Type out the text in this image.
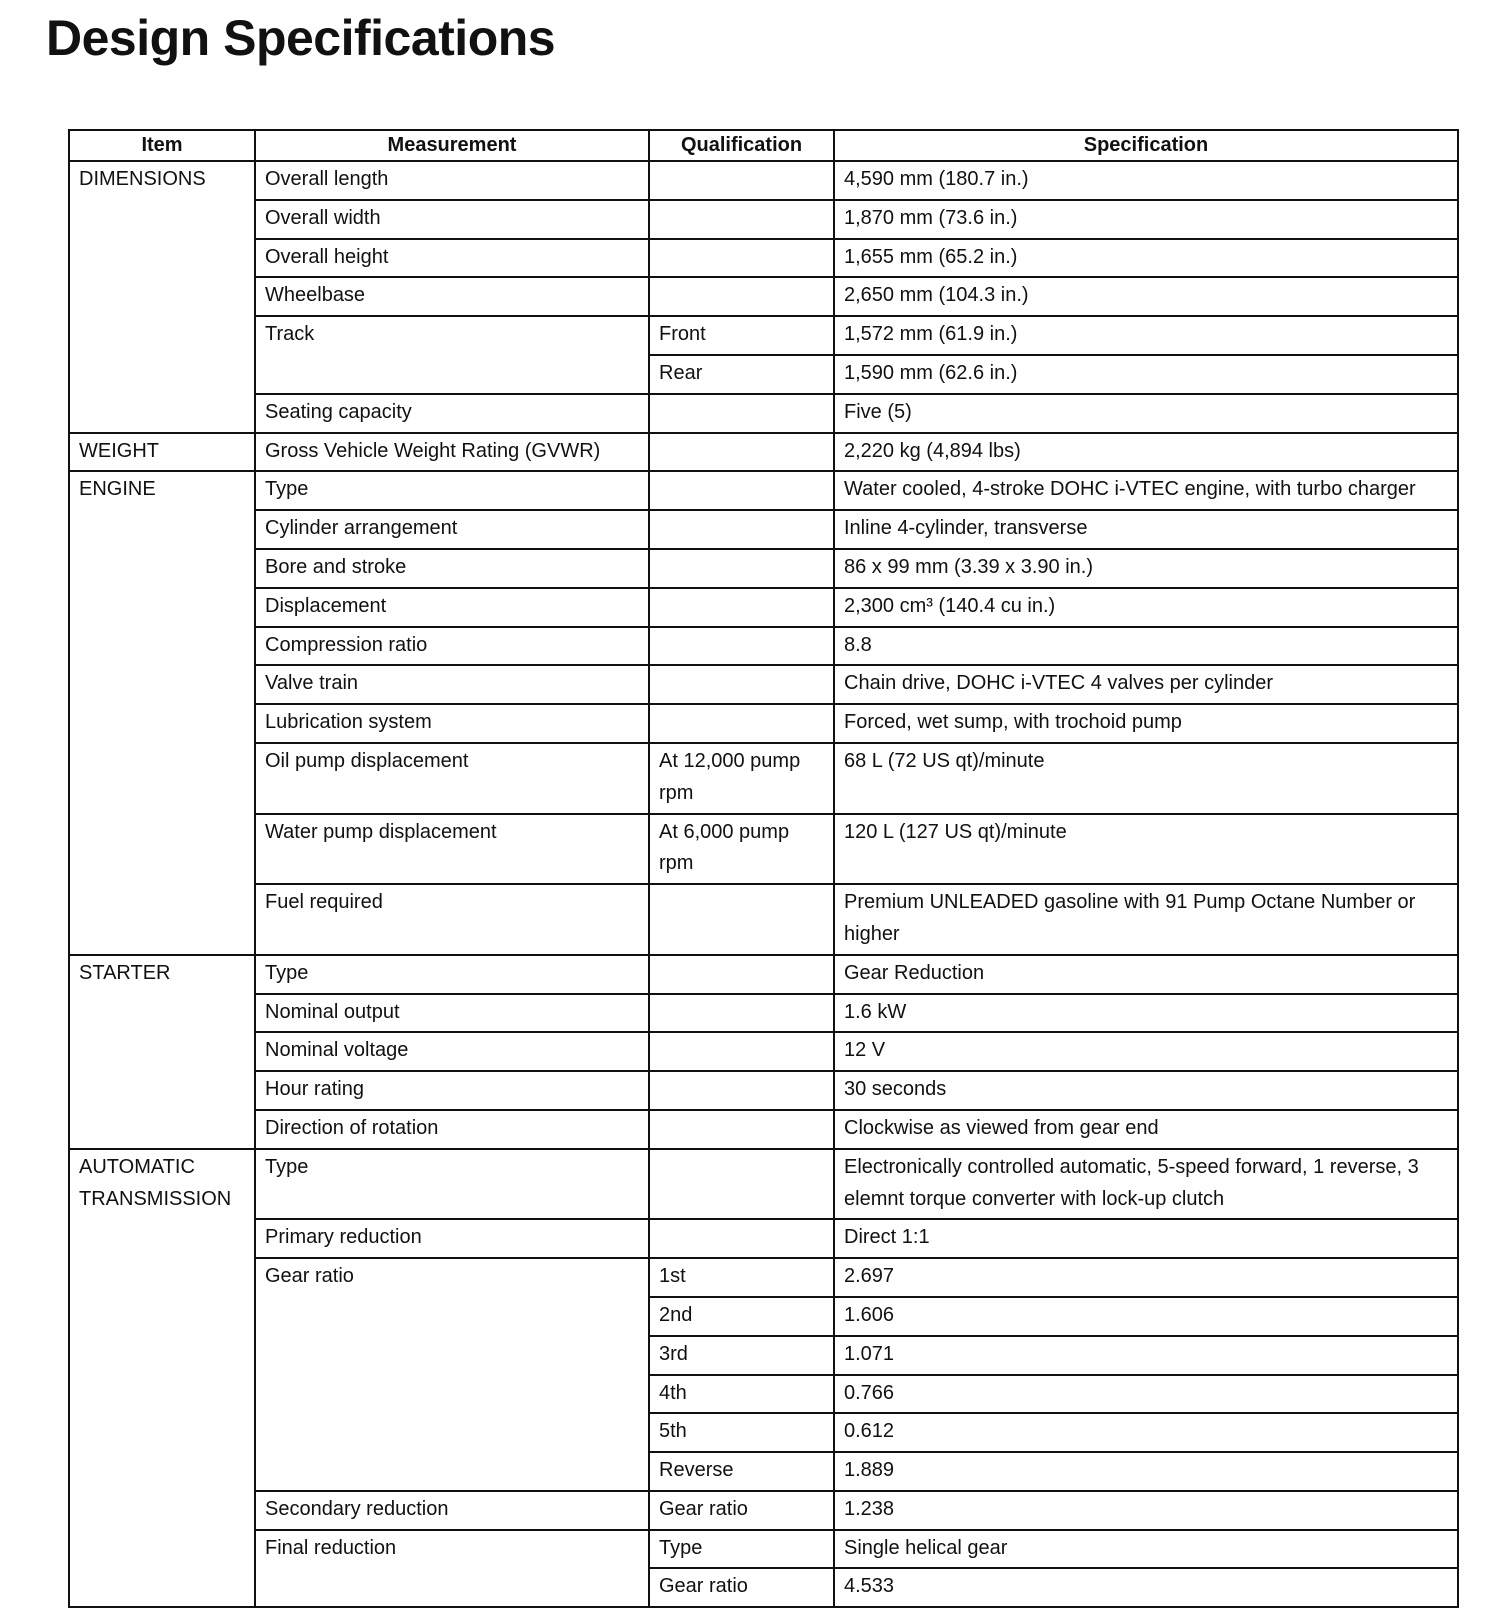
Design Specifications
Item	Measurement	Qualification	Specification
DIMENSIONS	Overall length		4,590 mm (180.7 in.)
	Overall width		1,870 mm (73.6 in.)
	Overall height		1,655 mm (65.2 in.)
	Wheelbase		2,650 mm (104.3 in.)
	Track	Front	1,572 mm (61.9 in.)
		Rear	1,590 mm (62.6 in.)
	Seating capacity		Five (5)
WEIGHT	Gross Vehicle Weight Rating (GVWR)		2,220 kg (4,894 lbs)
ENGINE	Type		Water cooled, 4-stroke DOHC i-VTEC engine, with turbo charger
	Cylinder arrangement		Inline 4-cylinder, transverse
	Bore and stroke		86 x 99 mm (3.39 x 3.90 in.)
	Displacement		2,300 cm³ (140.4 cu in.)
	Compression ratio		8.8
	Valve train		Chain drive, DOHC i-VTEC 4 valves per cylinder
	Lubrication system		Forced, wet sump, with trochoid pump
	Oil pump displacement	At 12,000 pump rpm	68 L (72 US qt)/minute
	Water pump displacement	At 6,000 pump rpm	120 L (127 US qt)/minute
	Fuel required		Premium UNLEADED gasoline with 91 Pump Octane Number or higher
STARTER	Type		Gear Reduction
	Nominal output		1.6 kW
	Nominal voltage		12 V
	Hour rating		30 seconds
	Direction of rotation		Clockwise as viewed from gear end
AUTOMATIC TRANSMISSION	Type		Electronically controlled automatic, 5-speed forward, 1 reverse, 3 elemnt torque converter with lock-up clutch
	Primary reduction		Direct 1:1
	Gear ratio	1st	2.697
		2nd	1.606
		3rd	1.071
		4th	0.766
		5th	0.612
		Reverse	1.889
	Secondary reduction	Gear ratio	1.238
	Final reduction	Type	Single helical gear
		Gear ratio	4.533
